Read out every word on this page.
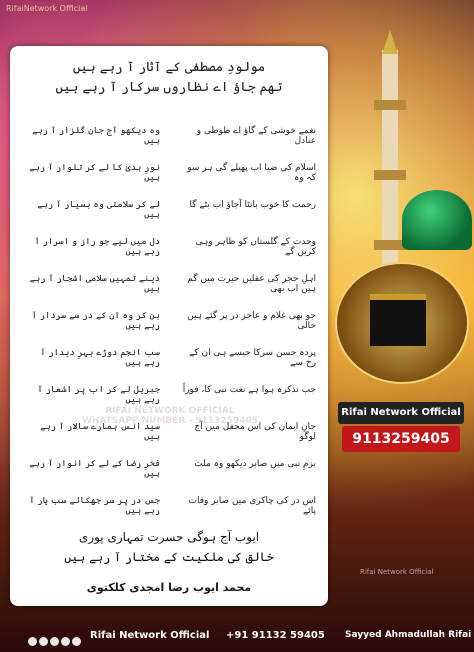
RifaiNetwork Official
Rifai Network Official
9113259405
Rifai Network Official
مولودِ مصطفٰی کے آثار آ رہے ہیں
تھم جاؤ اے نظاروں سرکار آ رہے ہیں
RIFAI NETWORK OFFICIAL
WHATSAPP NUMBER - 9113259405
نغمے خوشی کے گاؤ اے طوطی و عنادل
وہ دیکھو آج جانِ گلزار آ رہے ہیں
اسلام کی ضیا اب پھیلے گی ہر سو کہ وہ
نورِ ہدیٰ کا لے کر تلوار آ رہے ہیں
رحمت کا خوب بانٹا آجاؤ اب بٹے گا
لے کر سلامتی وہ بسیار آ رہے ہیں
وحدت کے گلستاں کو ظاہر وہی کریں گے
دل میں لیے جو راز و اسرار آ رہے ہیں
اہلِ حجر کی عقلیں حیرت میں گم ہیں اب بھی
دینے تمہیں سلامی اشجار آ رہے ہیں
جو بھی غلام و عاجز در پر گئے ہیں خالی
بن کر وہ ان کے در سے سردار آ رہے ہیں
پردہ حسن سرکا جیسے ہی ان کے رخ سے
سب انجم دوڑے بہرِ دیدار آ رہے ہیں
جب تذکرہ ہوا ہے نعت نبی کا، فوراً
جبریل لے کر اب پر اشعار آ رہے ہیں
جانِ ایمان کی اس محفل میں آج لوگو
سید انس ہمارے سالار آ رہے ہیں
بزمِ نبی میں صابر دیکھو وہ ملت
فخرِ رضا کے لے کر انوار آ رہے ہیں
اس در کی چاکری میں صابر وفات پائے
جس در پر سر جھکائے سب یار آ رہے ہیں
ایوب آج ہوگی حسرت تمہاری پوری
خالق کی ملکیت کے مختار آ رہے ہیں
محمد ایوب رضا امجدی کلکتوی
Rifai Network Official +91 91132 59405 Sayyed Ahmadullah Rifai
